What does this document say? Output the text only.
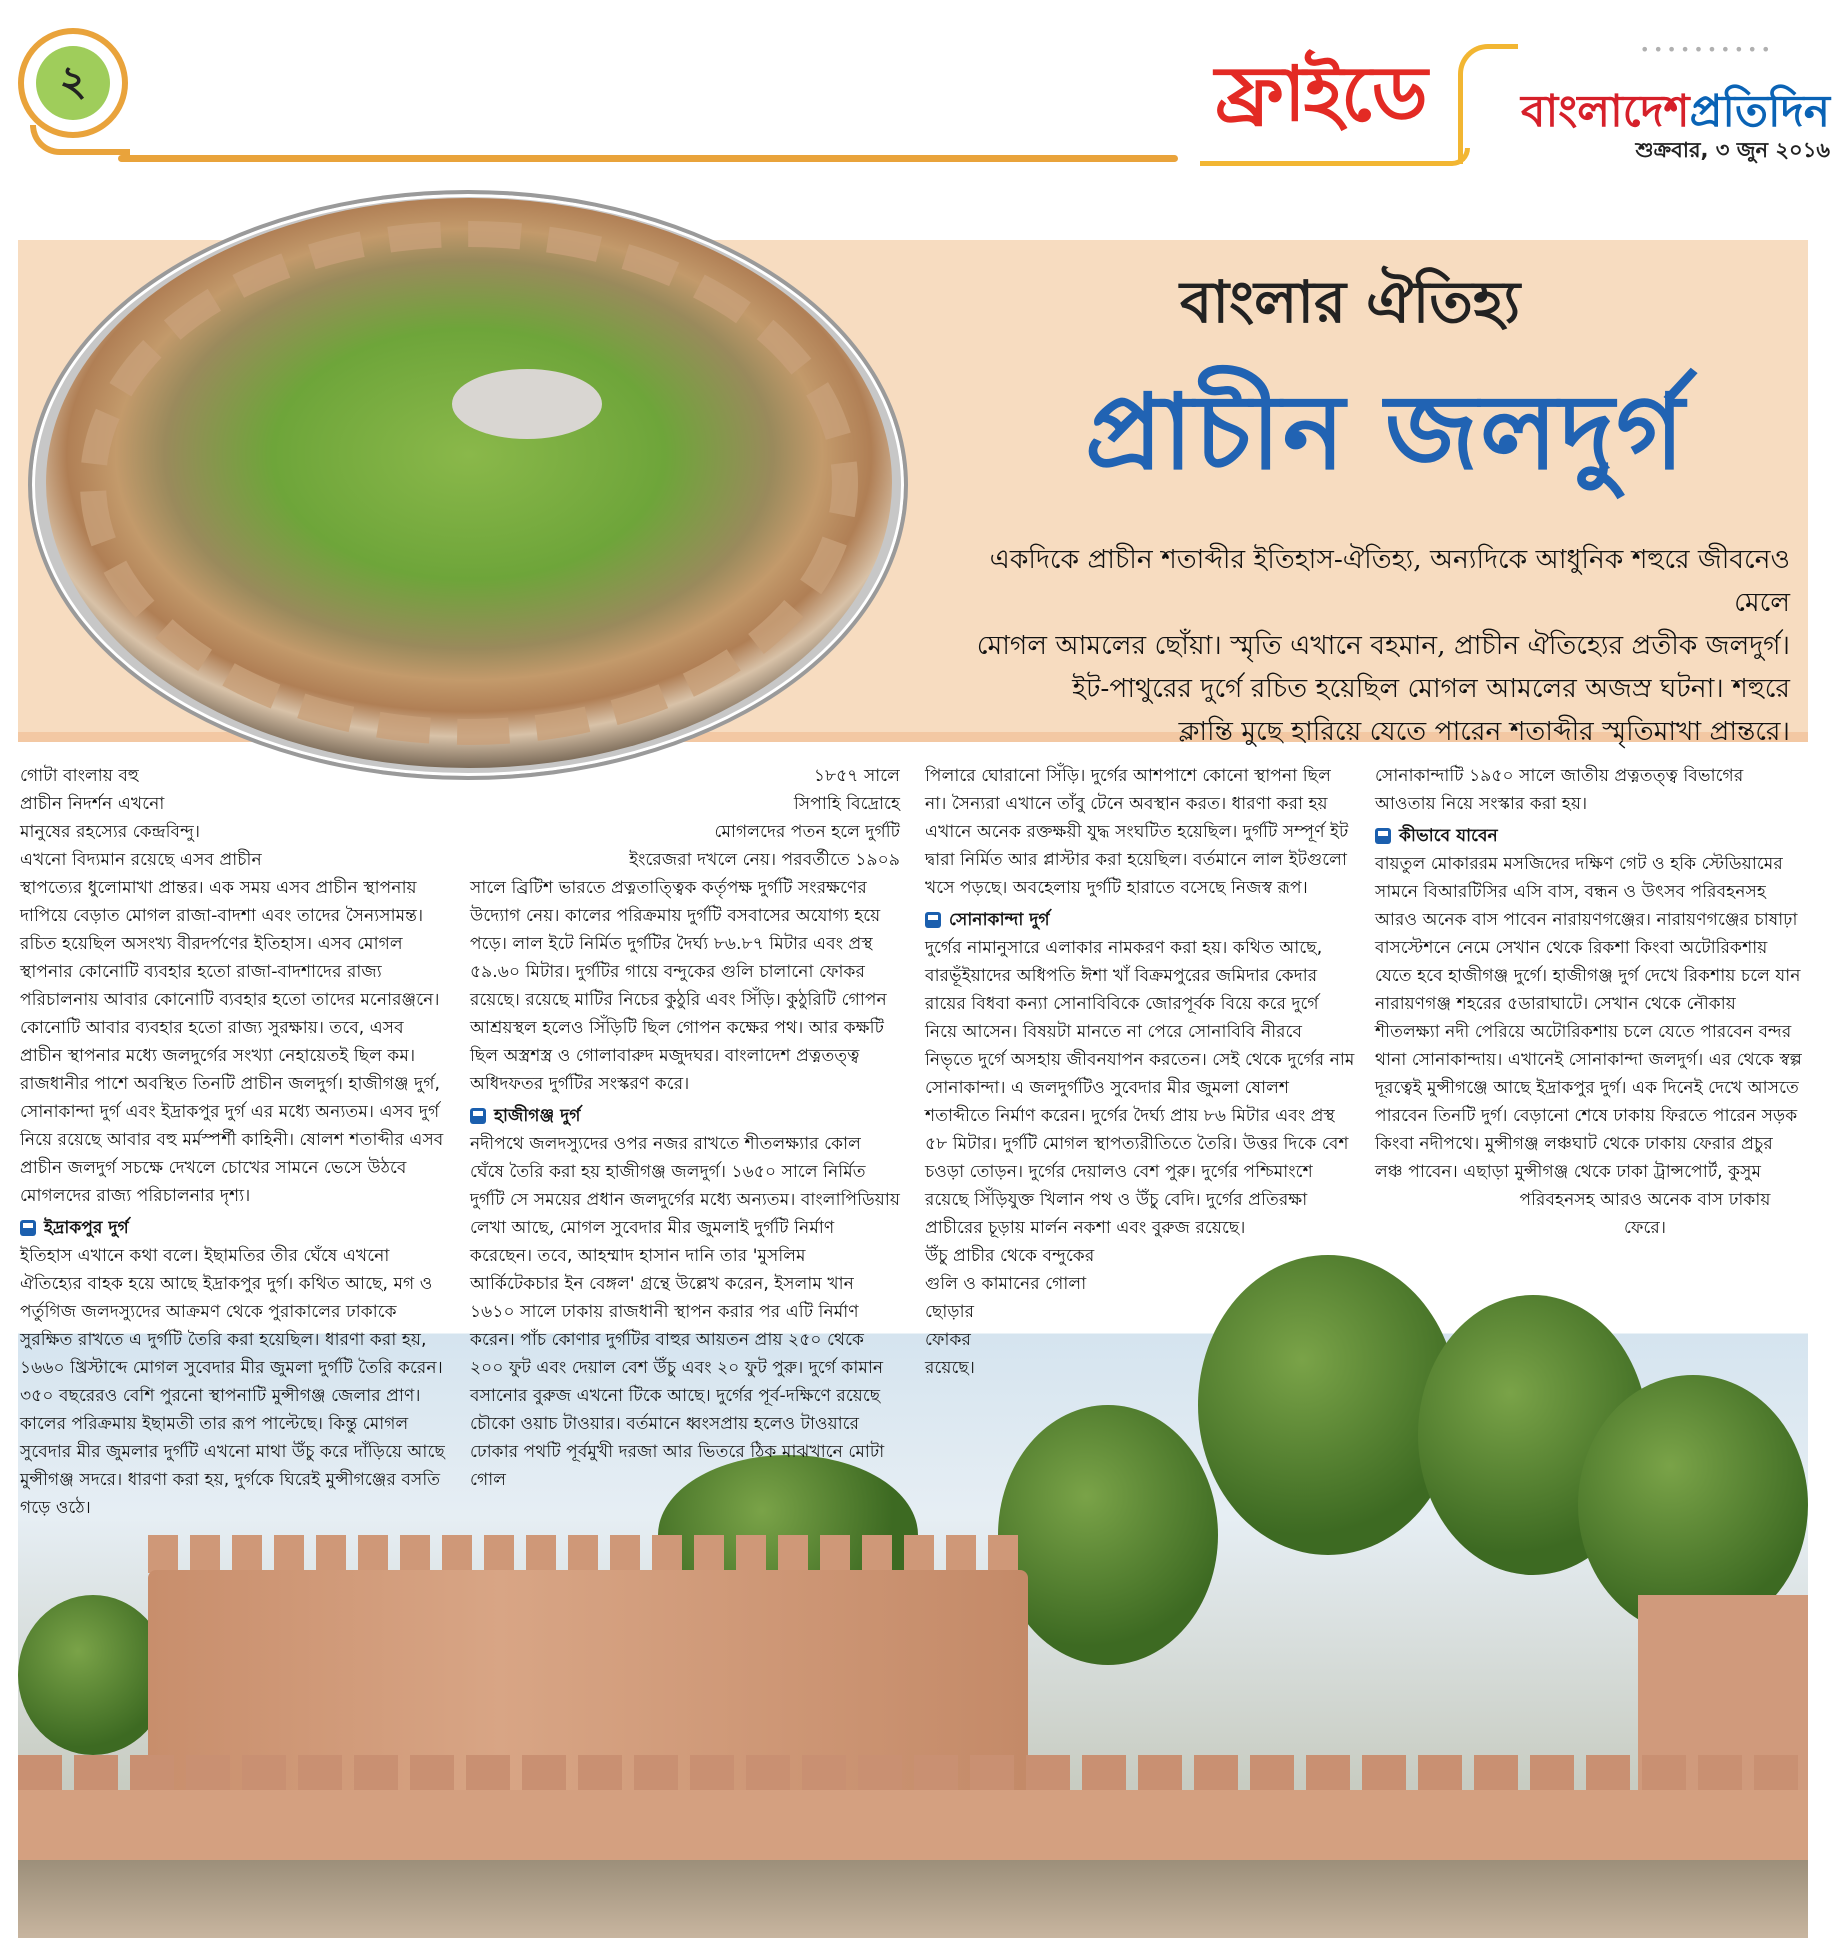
২	ফ্রাইডে	••••••••••
বাংলাদেশপ্রতিদিন
শুক্রবার, ৩ জুন ২০১৬
বাংলার ঐতিহ্য
প্রাচীন জলদুর্গ
একদিকে প্রাচীন শতাব্দীর ইতিহাস-ঐতিহ্য, অন্যদিকে আধুনিক শহুরে জীবনেও মেলে
মোগল আমলের ছোঁয়া। স্মৃতি এখানে বহমান, প্রাচীন ঐতিহ্যের প্রতীক জলদুর্গ।
ইট-পাথুরের দুর্গে রচিত হয়েছিল মোগল আমলের অজস্র ঘটনা। শহুরে
ক্লান্তি মুছে হারিয়ে যেতে পারেন শতাব্দীর স্মৃতিমাখা প্রান্তরে।

গোটা বাংলায় বহু

প্রাচীন নিদর্শন এখনো

মানুষের রহস্যের কেন্দ্রবিন্দু।

এখনো বিদ্যমান রয়েছে এসব প্রাচীন

স্থাপত্যের ধুলোমাখা প্রান্তর। এক সময় এসব প্রাচীন স্থাপনায় দাপিয়ে বেড়াত মোগল রাজা-বাদশা এবং তাদের সৈন্যসামন্ত। রচিত হয়েছিল অসংখ্য বীরদর্পণের ইতিহাস। এসব মোগল স্থাপনার কোনোটি ব্যবহার হতো রাজা-বাদশাদের রাজ্য পরিচালনায় আবার কোনোটি ব্যবহার হতো তাদের মনোরঞ্জনে। কোনোটি আবার ব্যবহার হতো রাজ্য সুরক্ষায়। তবে, এসব প্রাচীন স্থাপনার মধ্যে জলদুর্গের সংখ্যা নেহায়েতই ছিল কম। রাজধানীর পাশে অবস্থিত তিনটি প্রাচীন জলদুর্গ। হাজীগঞ্জ দুর্গ, সোনাকান্দা দুর্গ এবং ইদ্রাকপুর দুর্গ এর মধ্যে অন্যতম। এসব দুর্গ নিয়ে রয়েছে আবার বহু মর্মস্পর্শী কাহিনী। ষোলশ শতাব্দীর এসব প্রাচীন জলদুর্গ সচক্ষে দেখলে চোখের সামনে ভেসে উঠবে মোগলদের রাজ্য পরিচালনার দৃশ্য।

ইদ্রাকপুর দুর্গ

ইতিহাস এখানে কথা বলে। ইছামতির তীর ঘেঁষে এখনো ঐতিহ্যের বাহক হয়ে আছে ইদ্রাকপুর দুর্গ। কথিত আছে, মগ ও পর্তুগিজ জলদস্যুদের আক্রমণ থেকে পুরাকালের ঢাকাকে সুরক্ষিত রাখতে এ দুর্গটি তৈরি করা হয়েছিল। ধারণা করা হয়, ১৬৬০ খ্রিস্টাব্দে মোগল সুবেদার মীর জুমলা দুর্গটি তৈরি করেন। ৩৫০ বছরেরও বেশি পুরনো স্থাপনাটি মুন্সীগঞ্জ জেলার প্রাণ। কালের পরিক্রমায় ইছামতী তার রূপ পাল্টেছে। কিন্তু মোগল সুবেদার মীর জুমলার দুর্গটি এখনো মাথা উঁচু করে দাঁড়িয়ে আছে মুন্সীগঞ্জ সদরে। ধারণা করা হয়, দুর্গকে ঘিরেই মুন্সীগঞ্জের বসতি গড়ে ওঠে।

১৮৫৭ সালে

সিপাহি বিদ্রোহে

মোগলদের পতন হলে দুর্গটি

ইংরেজরা দখলে নেয়। পরবর্তীতে ১৯০৯

সালে ব্রিটিশ ভারতে প্রত্নতাত্ত্বিক কর্তৃপক্ষ দুর্গটি সংরক্ষণের উদ্যোগ নেয়। কালের পরিক্রমায় দুর্গটি বসবাসের অযোগ্য হয়ে পড়ে। লাল ইটে নির্মিত দুর্গটির দৈর্ঘ্য ৮৬.৮৭ মিটার এবং প্রস্থ ৫৯.৬০ মিটার। দুর্গটির গায়ে বন্দুকের গুলি চালানো ফোকর রয়েছে। রয়েছে মাটির নিচের কুঠুরি এবং সিঁড়ি। কুঠুরিটি গোপন আশ্রয়স্থল হলেও সিঁড়িটি ছিল গোপন কক্ষের পথ। আর কক্ষটি ছিল অস্ত্রশস্ত্র ও গোলাবারুদ মজুদঘর। বাংলাদেশ প্রত্নতত্ত্ব অধিদফতর দুর্গটির সংস্করণ করে।

হাজীগঞ্জ দুর্গ

নদীপথে জলদস্যুদের ওপর নজর রাখতে শীতলক্ষ্যার কোল ঘেঁষে তৈরি করা হয় হাজীগঞ্জ জলদুর্গ। ১৬৫০ সালে নির্মিত দুর্গটি সে সময়ের প্রধান জলদুর্গের মধ্যে অন্যতম। বাংলাপিডিয়ায় লেখা আছে, মোগল সুবেদার মীর জুমলাই দুর্গটি নির্মাণ করেছেন। তবে, আহম্মাদ হাসান দানি তার 'মুসলিম আর্কিটেকচার ইন বেঙ্গল' গ্রন্থে উল্লেখ করেন, ইসলাম খান ১৬১০ সালে ঢাকায় রাজধানী স্থাপন করার পর এটি নির্মাণ করেন। পাঁচ কোণার দুর্গটির বাহুর আয়তন প্রায় ২৫০ থেকে ২০০ ফুট এবং দেয়াল বেশ উঁচু এবং ২০ ফুট পুরু। দুর্গে কামান বসানোর বুরুজ এখনো টিকে আছে। দুর্গের পূর্ব-দক্ষিণে রয়েছে চৌকো ওয়াচ টাওয়ার। বর্তমানে ধ্বংসপ্রায় হলেও টাওয়ারে ঢোকার পথটি পূর্বমুখী দরজা আর ভিতরে ঠিক মাঝখানে মোটা গোল

পিলারে ঘোরানো সিঁড়ি। দুর্গের আশপাশে কোনো স্থাপনা ছিল না। সৈন্যরা এখানে তাঁবু টেনে অবস্থান করত। ধারণা করা হয় এখানে অনেক রক্তক্ষয়ী যুদ্ধ সংঘটিত হয়েছিল। দুর্গটি সম্পূর্ণ ইট দ্বারা নির্মিত আর প্লাস্টার করা হয়েছিল। বর্তমানে লাল ইটগুলো খসে পড়ছে। অবহেলায় দুর্গটি হারাতে বসেছে নিজস্ব রূপ।

সোনাকান্দা দুর্গ

দুর্গের নামানুসারে এলাকার নামকরণ করা হয়। কথিত আছে, বারভূঁইয়াদের অধিপতি ঈশা খাঁ বিক্রমপুরের জমিদার কেদার রায়ের বিধবা কন্যা সোনাবিবিকে জোরপূর্বক বিয়ে করে দুর্গে নিয়ে আসেন। বিষয়টা মানতে না পেরে সোনাবিবি নীরবে নিভৃতে দুর্গে অসহায় জীবনযাপন করতেন। সেই থেকে দুর্গের নাম সোনাকান্দা। এ জলদুর্গটিও সুবেদার মীর জুমলা ষোলশ শতাব্দীতে নির্মাণ করেন। দুর্গের দৈর্ঘ্য প্রায় ৮৬ মিটার এবং প্রস্থ ৫৮ মিটার। দুর্গটি মোগল স্থাপত্যরীতিতে তৈরি। উত্তর দিকে বেশ চওড়া তোড়ন। দুর্গের দেয়ালও বেশ পুরু। দুর্গের পশ্চিমাংশে রয়েছে সিঁড়িযুক্ত খিলান পথ ও উঁচু বেদি। দুর্গের প্রতিরক্ষা প্রাচীরের চূড়ায় মার্লন নকশা এবং বুরুজ রয়েছে।

উঁচু প্রাচীর থেকে বন্দুকের

গুলি ও কামানের গোলা

ছোড়ার

ফোকর

রয়েছে।

সোনাকান্দাটি ১৯৫০ সালে জাতীয় প্রত্নতত্ত্ব বিভাগের আওতায় নিয়ে সংস্কার করা হয়।

কীভাবে যাবেন

বায়তুল মোকাররম মসজিদের দক্ষিণ গেট ও হকি স্টেডিয়ামের সামনে বিআরটিসির এসি বাস, বন্ধন ও উৎসব পরিবহনসহ আরও অনেক বাস পাবেন নারায়ণগঞ্জের। নারায়ণগঞ্জের চাষাঢ়া বাসস্টেশনে নেমে সেখান থেকে রিকশা কিংবা অটোরিকশায় যেতে হবে হাজীগঞ্জ দুর্গে। হাজীগঞ্জ দুর্গ দেখে রিকশায় চলে যান নারায়ণগঞ্জ শহরের ৫ডারাঘাটে। সেখান থেকে নৌকায় শীতলক্ষ্যা নদী পেরিয়ে অটোরিকশায় চলে যেতে পারবেন বন্দর থানা সোনাকান্দায়। এখানেই সোনাকান্দা জলদুর্গ। এর থেকে স্বল্প দূরত্বেই মুন্সীগঞ্জে আছে ইদ্রাকপুর দুর্গ। এক দিনেই দেখে আসতে পারবেন তিনটি দুর্গ। বেড়ানো শেষে ঢাকায় ফিরতে পারেন সড়ক কিংবা নদীপথে। মুন্সীগঞ্জ লঞ্চঘাট থেকে ঢাকায় ফেরার প্রচুর লঞ্চ পাবেন। এছাড়া মুন্সীগঞ্জ থেকে ঢাকা ট্রান্সপোর্ট, কুসুম

পরিবহনসহ আরও অনেক বাস ঢাকায়

ফেরে।
